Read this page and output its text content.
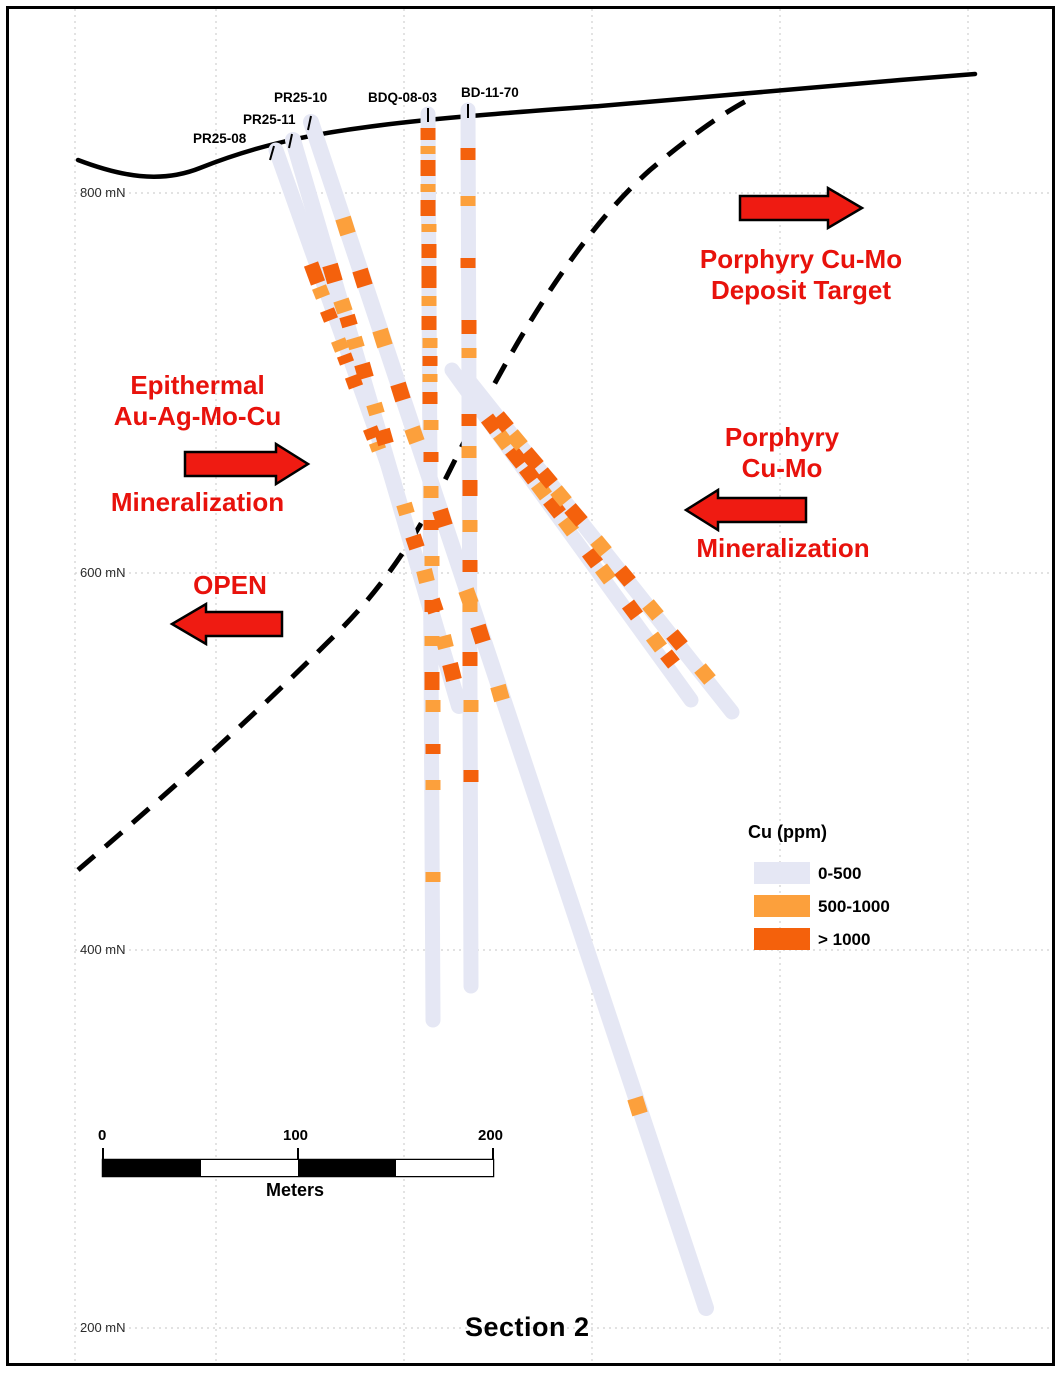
800 mN
600 mN
400 mN
200 mN
PR25-08
PR25-11
PR25-10	BDQ-08-03 BD-11-70
Porphyry Cu-Mo
Deposit Target
Epithermal
Au-Ag-Mo-Cu
Mineralization
Porphyry
Cu-Mo
Mineralization
OPEN
Cu (ppm)
0-500
500-1000
> 1000
0	100	200
Meters
Section 2
